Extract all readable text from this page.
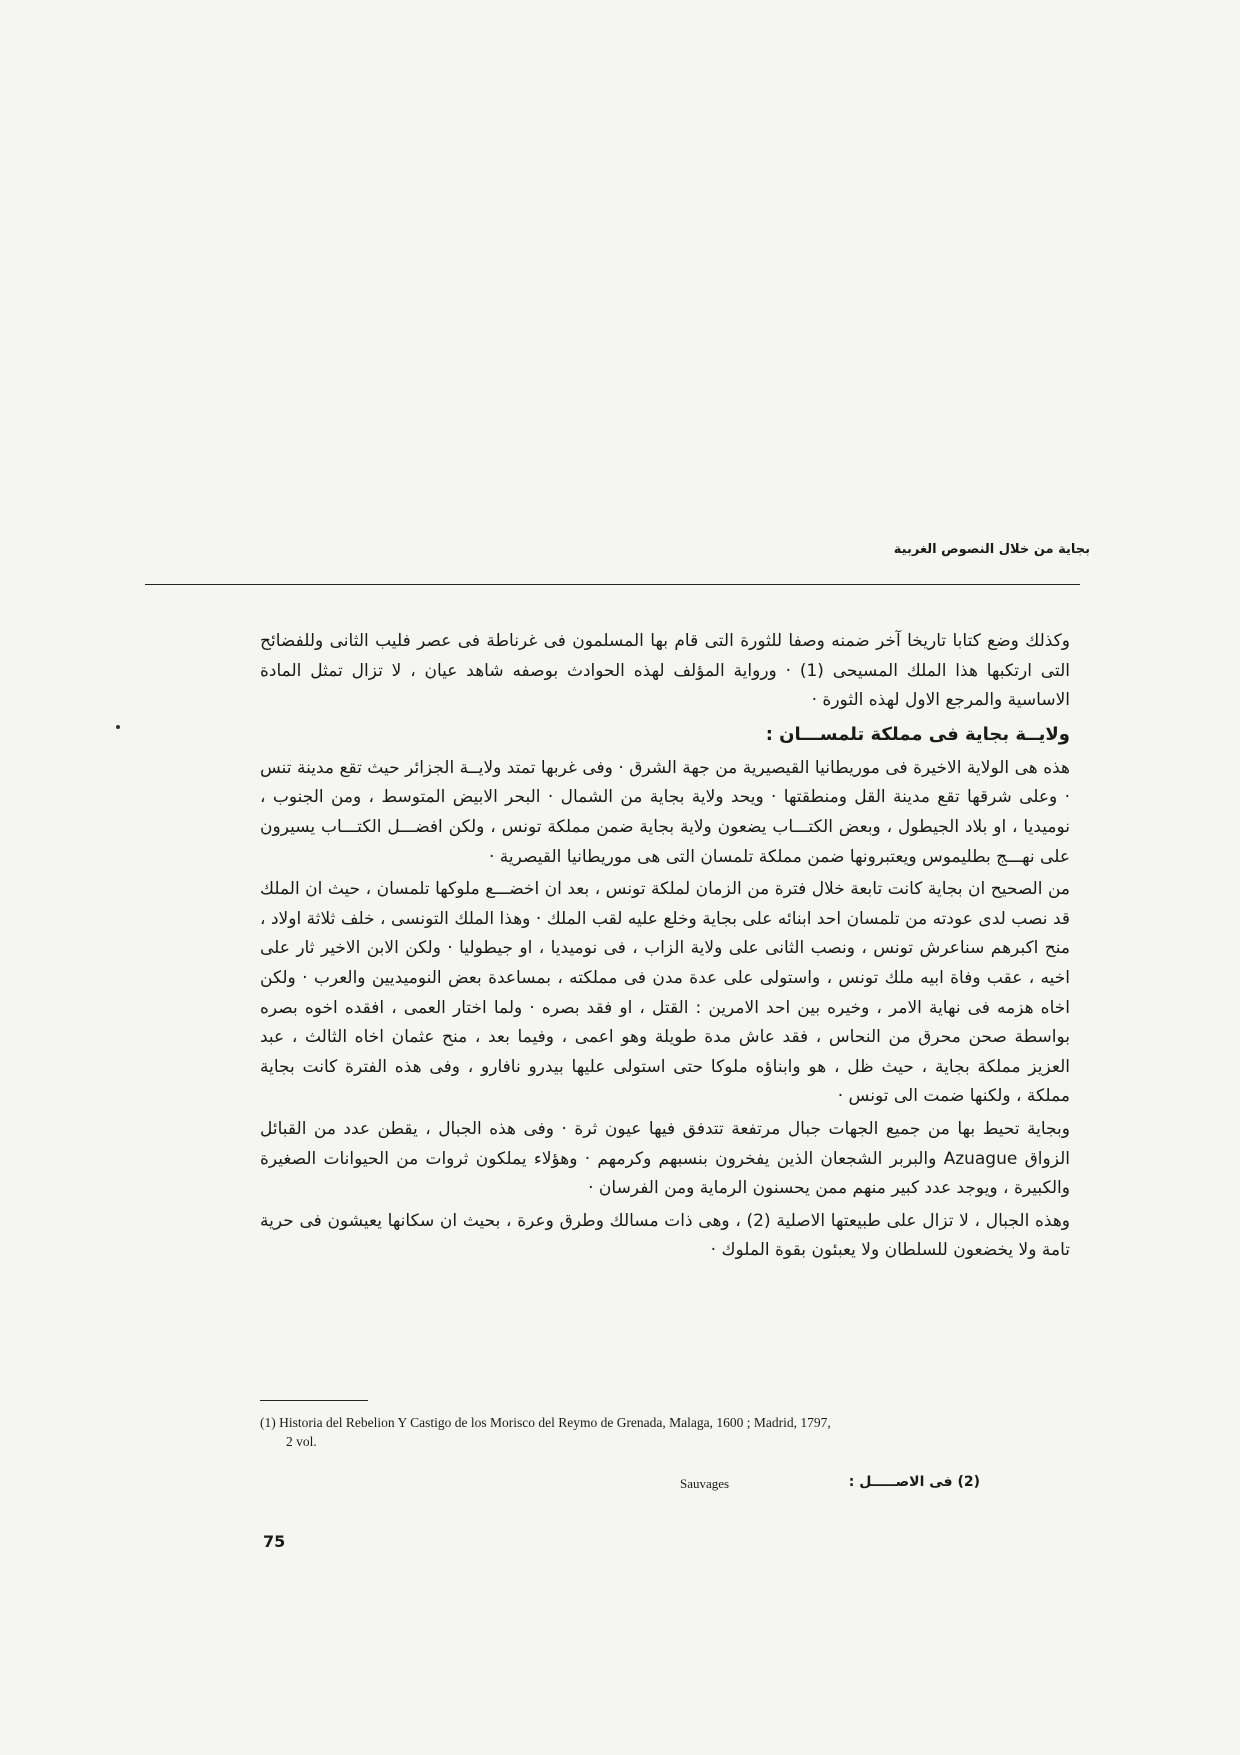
بجاية من خلال النصوص الغربية

وكذلك وضع كتابا تاريخا آخر ضمنه وصفا للثورة التى قام بها المسلمون فى غرناطة فى عصر فليب الثانى وللفضائح التى ارتكبها هذا الملك المسيحى (1) · ورواية المؤلف لهذه الحوادث بوصفه شاهد عيان ، لا تزال تمثل المادة الاساسية والمرجع الاول لهذه الثورة ·

ولايــة بجاية فى مملكة تلمســـان :

هذه هى الولاية الاخيرة فى موريطانيا القيصيرية من جهة الشرق · وفى غربها تمتد ولايــة الجزائر حيث تقع مدينة تنس · وعلى شرقها تقع مدينة القل ومنطقتها · ويحد ولاية بجاية من الشمال · البحر الابيض المتوسط ، ومن الجنوب ، نوميديا ، او بلاد الجيطول ، وبعض الكتـــاب يضعون ولاية بجاية ضمن مملكة تونس ، ولكن افضـــل الكتـــاب يسيرون على نهـــج بطليموس ويعتبرونها ضمن مملكة تلمسان التى هى موريطانيا القيصرية ·

من الصحيح ان بجاية كانت تابعة خلال فترة من الزمان لملكة تونس ، بعد ان اخضـــع ملوكها تلمسان ، حيث ان الملك قد نصب لدى عودته من تلمسان احد ابنائه على بجاية وخلع عليه لقب الملك · وهذا الملك التونسى ، خلف ثلاثة اولاد ، منح اكبرهم سناعرش تونس ، ونصب الثانى على ولاية الزاب ، فى نوميديا ، او جيطوليا · ولكن الابن الاخير ثار على اخيه ، عقب وفاة ابيه ملك تونس ، واستولى على عدة مدن فى مملكته ، بمساعدة بعض النوميديين والعرب · ولكن اخاه هزمه فى نهاية الامر ، وخيره بين احد الامرين : القتل ، او فقد بصره · ولما اختار العمى ، افقده اخوه بصره بواسطة صحن محرق من النحاس ، فقد عاش مدة طويلة وهو اعمى ، وفيما بعد ، منح عثمان اخاه الثالث ، عبد العزيز مملكة بجاية ، حيث ظل ، هو وابناؤه ملوكا حتى استولى عليها بيدرو نافارو ، وفى هذه الفترة كانت بجاية مملكة ، ولكنها ضمت الى تونس ·

وبجاية تحيط بها من جميع الجهات جبال مرتفعة تتدفق فيها عيون ثرة · وفى هذه الجبال ، يقطن عدد من القبائل الزواق Azuague والبربر الشجعان الذين يفخرون بنسبهم وكرمهم · وهؤلاء يملكون ثروات من الحيوانات الصغيرة والكبيرة ، ويوجد عدد كبير منهم ممن يحسنون الرماية ومن الفرسان ·

وهذه الجبال ، لا تزال على طبيعتها الاصلية (2) ، وهى ذات مسالك وطرق وعرة ، بحيث ان سكانها يعيشون فى حرية تامة ولا يخضعون للسلطان ولا يعبئون بقوة الملوك ·

(1) Historia del Rebelion Y Castigo de los Morisco del Reymo de Grenada, Malaga, 1600 ; Madrid, 1797,
2 vol.
(2) فى الاصـــــل :
Sauvages
75
